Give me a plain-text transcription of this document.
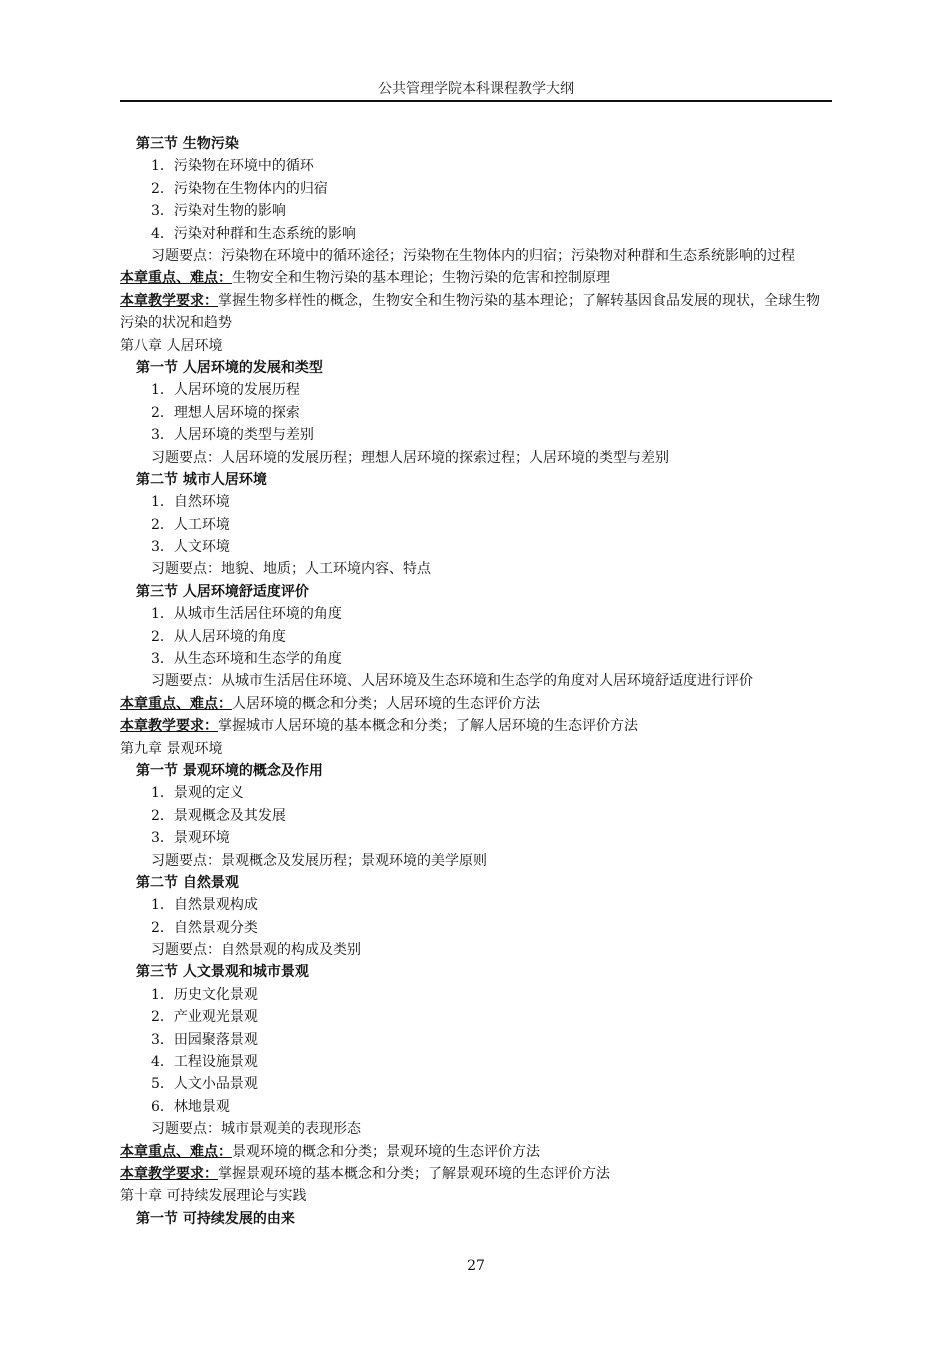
公共管理学院本科课程教学大纲
第三节 生物污染
1．污染物在环境中的循环
2．污染物在生物体内的归宿
3．污染对生物的影响
4．污染对种群和生态系统的影响
习题要点：污染物在环境中的循环途径；污染物在生物体内的归宿；污染物对种群和生态系统影响的过程
本章重点、难点：生物安全和生物污染的基本理论；生物污染的危害和控制原理
本章教学要求：掌握生物多样性的概念，生物安全和生物污染的基本理论；了解转基因食品发展的现状，全球生物污染的状况和趋势
第八章 人居环境
第一节 人居环境的发展和类型
1．人居环境的发展历程
2．理想人居环境的探索
3．人居环境的类型与差别
习题要点：人居环境的发展历程；理想人居环境的探索过程；人居环境的类型与差别
第二节 城市人居环境
1．自然环境
2．人工环境
3．人文环境
习题要点：地貌、地质；人工环境内容、特点
第三节 人居环境舒适度评价
1．从城市生活居住环境的角度
2．从人居环境的角度
3．从生态环境和生态学的角度
习题要点：从城市生活居住环境、人居环境及生态环境和生态学的角度对人居环境舒适度进行评价
本章重点、难点：人居环境的概念和分类；人居环境的生态评价方法
本章教学要求：掌握城市人居环境的基本概念和分类；了解人居环境的生态评价方法
第九章 景观环境
第一节 景观环境的概念及作用
1．景观的定义
2．景观概念及其发展
3．景观环境
习题要点：景观概念及发展历程；景观环境的美学原则
第二节 自然景观
1．自然景观构成
2．自然景观分类
习题要点：自然景观的构成及类别
第三节 人文景观和城市景观
1．历史文化景观
2．产业观光景观
3．田园聚落景观
4．工程设施景观
5．人文小品景观
6．林地景观
习题要点：城市景观美的表现形态
本章重点、难点：景观环境的概念和分类；景观环境的生态评价方法
本章教学要求：掌握景观环境的基本概念和分类；了解景观环境的生态评价方法
第十章 可持续发展理论与实践
第一节 可持续发展的由来
27
